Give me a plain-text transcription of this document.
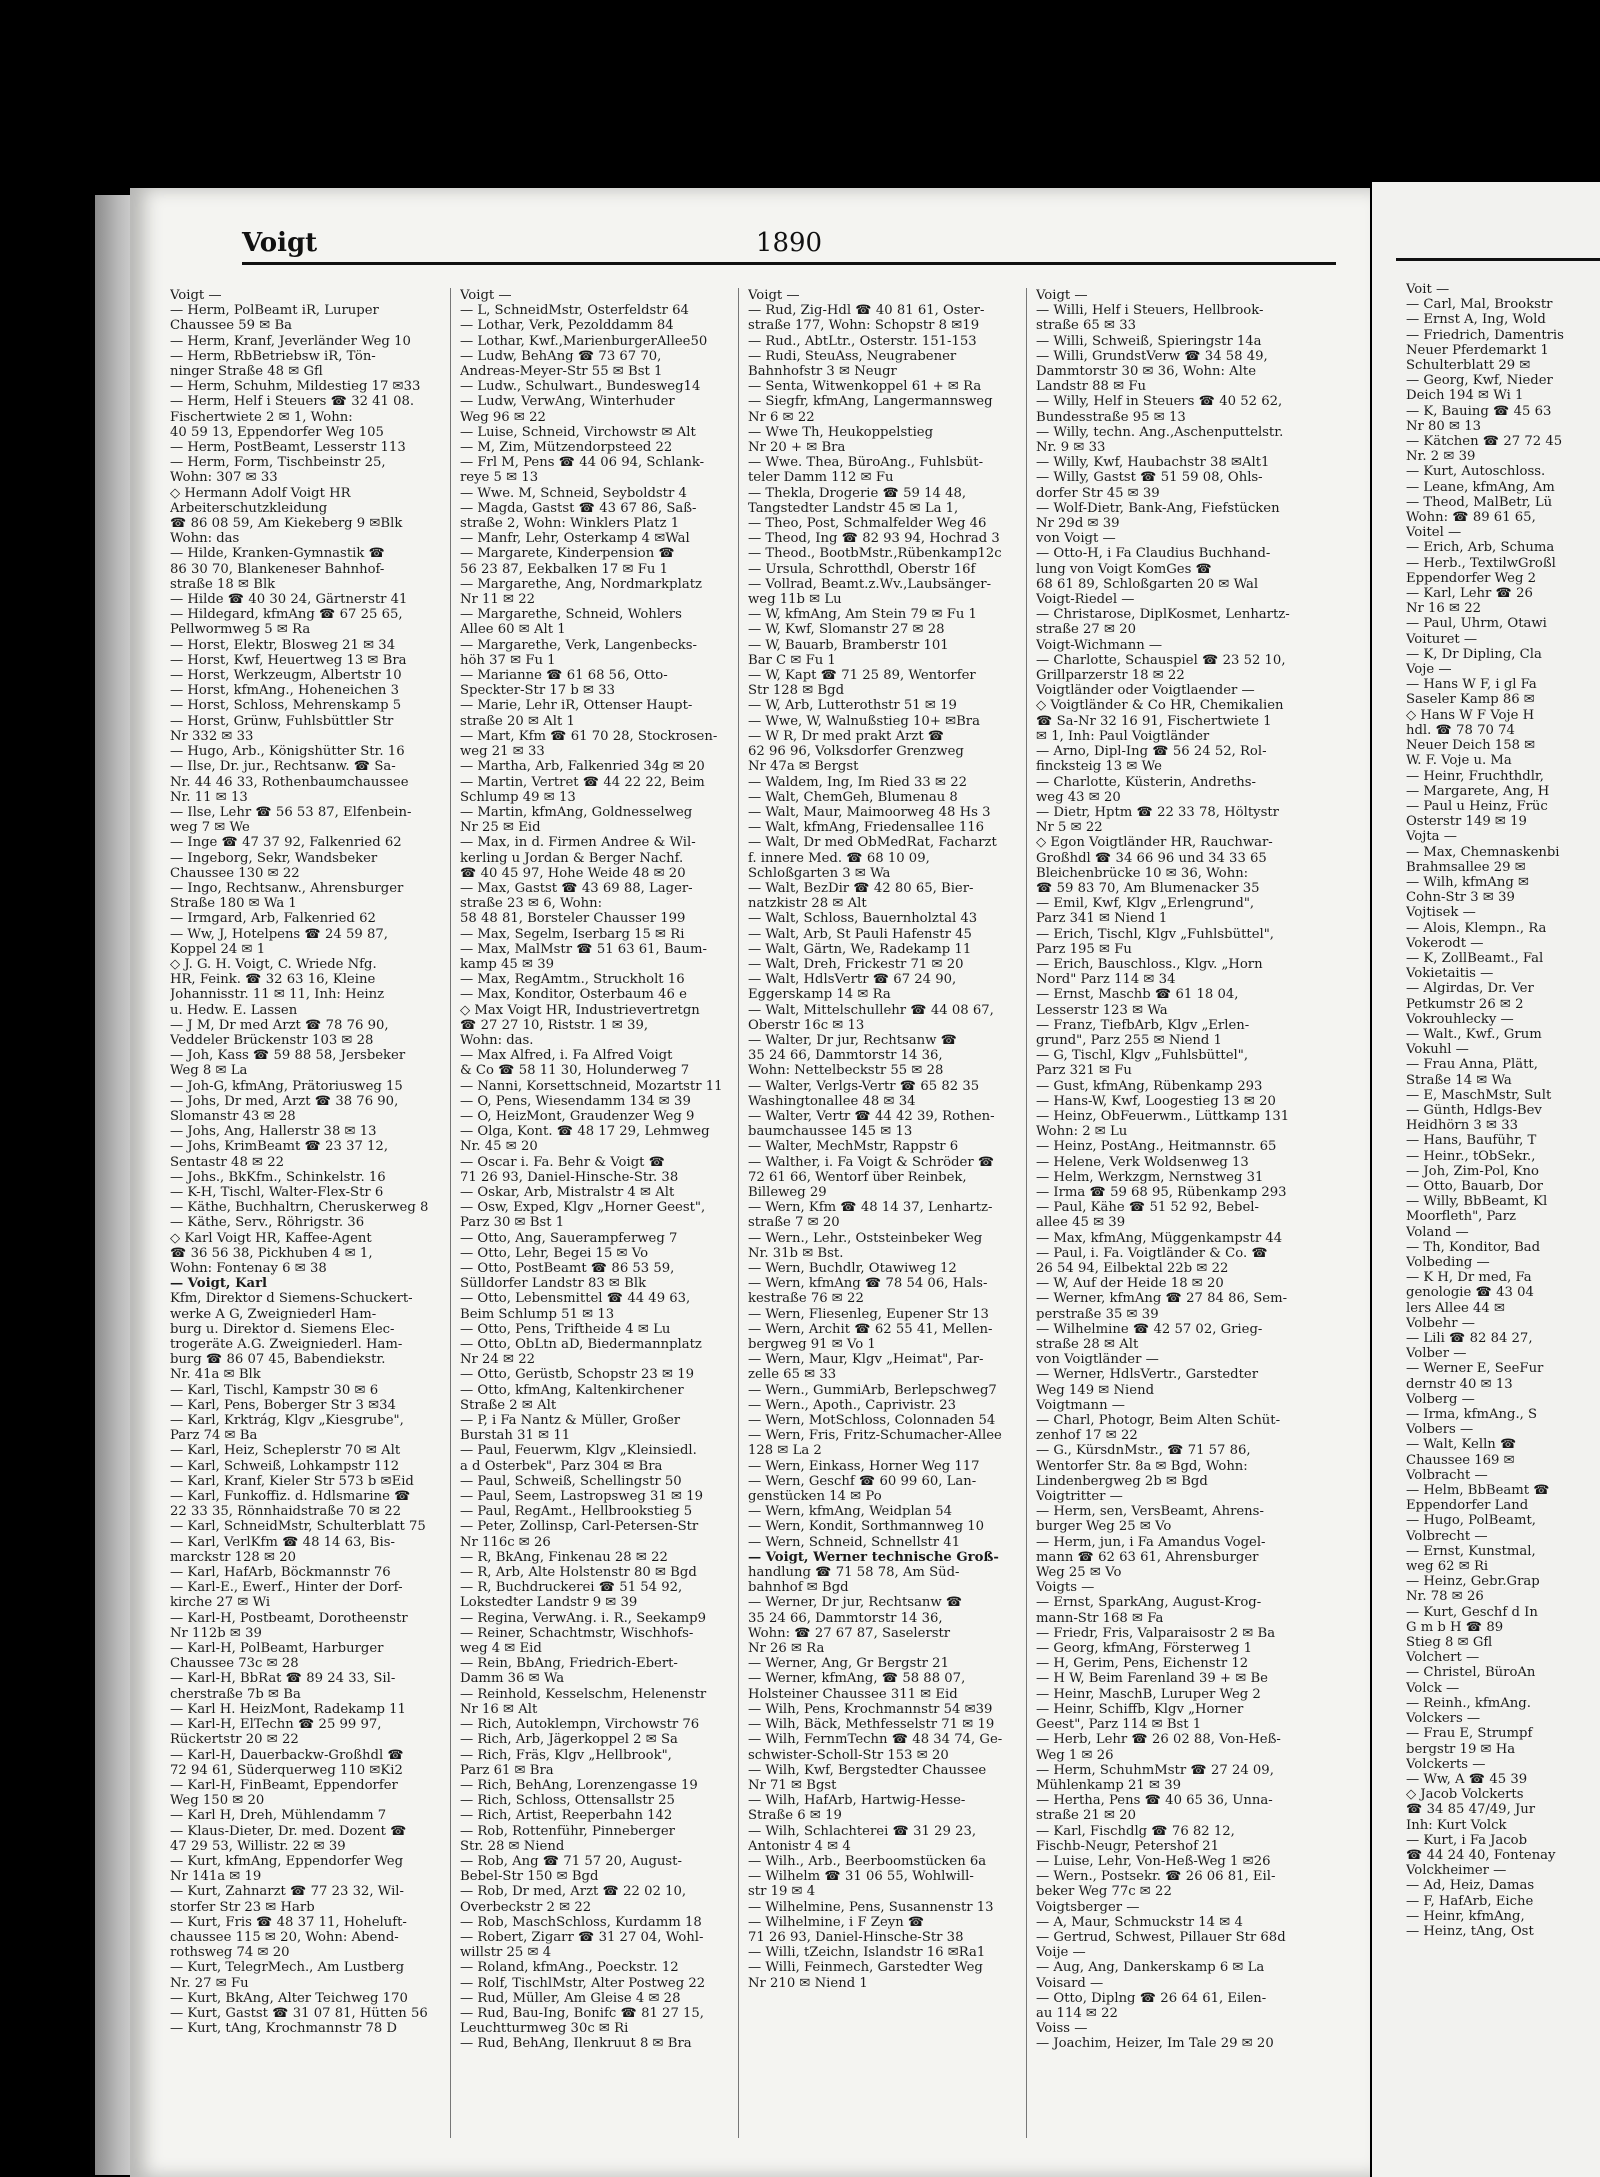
Voigt	1890
Voigt —
— Herm, PolBeamt iR, Luruper
Chaussee 59 ✉ Ba
— Herm, Kranf, Jeverländer Weg 10
— Herm, RbBetriebsw iR, Tön-
ninger Straße 48 ✉ Gfl
— Herm, Schuhm, Mildestieg 17 ✉33
— Herm, Helf i Steuers ☎ 32 41 08.
Fischertwiete 2 ✉ 1, Wohn:
40 59 13, Eppendorfer Weg 105
— Herm, PostBeamt, Lesserstr 113
— Herm, Form, Tischbeinstr 25,
Wohn: 307 ✉ 33
◇ Hermann Adolf Voigt HR
Arbeiterschutzkleidung
☎ 86 08 59, Am Kiekeberg 9 ✉Blk
Wohn: das
— Hilde, Kranken-Gymnastik ☎
86 30 70, Blankeneser Bahnhof-
straße 18 ✉ Blk
— Hilde ☎ 40 30 24, Gärtnerstr 41
— Hildegard, kfmAng ☎ 67 25 65,
Pellwormweg 5 ✉ Ra
— Horst, Elektr, Blosweg 21 ✉ 34
— Horst, Kwf, Heuertweg 13 ✉ Bra
— Horst, Werkzeugm, Albertstr 10
— Horst, kfmAng., Hoheneichen 3
— Horst, Schloss, Mehrenskamp 5
— Horst, Grünw, Fuhlsbüttler Str
Nr 332 ✉ 33
— Hugo, Arb., Königshütter Str. 16
— Ilse, Dr. jur., Rechtsanw. ☎ Sa-
Nr. 44 46 33, Rothenbaumchaussee
Nr. 11 ✉ 13
— Ilse, Lehr ☎ 56 53 87, Elfenbein-
weg 7 ✉ We
— Inge ☎ 47 37 92, Falkenried 62
— Ingeborg, Sekr, Wandsbeker
Chaussee 130 ✉ 22
— Ingo, Rechtsanw., Ahrensburger
Straße 180 ✉ Wa 1
— Irmgard, Arb, Falkenried 62
— Ww, J, Hotelpens ☎ 24 59 87,
Koppel 24 ✉ 1
◇ J. G. H. Voigt, C. Wriede Nfg.
HR, Feink. ☎ 32 63 16, Kleine
Johannisstr. 11 ✉ 11, Inh: Heinz
u. Hedw. E. Lassen
— J M, Dr med Arzt ☎ 78 76 90,
Veddeler Brückenstr 103 ✉ 28
— Joh, Kass ☎ 59 88 58, Jersbeker
Weg 8 ✉ La
— Joh-G, kfmAng, Prätoriusweg 15
— Johs, Dr med, Arzt ☎ 38 76 90,
Slomanstr 43 ✉ 28
— Johs, Ang, Hallerstr 38 ✉ 13
— Johs, KrimBeamt ☎ 23 37 12,
Sentastr 48 ✉ 22
— Johs., BkKfm., Schinkelstr. 16
— K-H, Tischl, Walter-Flex-Str 6
— Käthe, Buchhaltrn, Cheruskerweg 8
— Käthe, Serv., Röhrigstr. 36
◇ Karl Voigt HR, Kaffee-Agent
☎ 36 56 38, Pickhuben 4 ✉ 1,
Wohn: Fontenay 6 ✉ 38
— Voigt, Karl
Kfm, Direktor d Siemens-Schuckert-
werke A G, Zweigniederl Ham-
burg u. Direktor d. Siemens Elec-
trogeräte A.G. Zweigniederl. Ham-
burg ☎ 86 07 45, Babendiekstr.
Nr. 41a ✉ Blk
— Karl, Tischl, Kampstr 30 ✉ 6
— Karl, Pens, Boberger Str 3 ✉34
— Karl, Krktrág, Klgv „Kiesgrube",
Parz 74 ✉ Ba
— Karl, Heiz, Scheplerstr 70 ✉ Alt
— Karl, Schweiß, Lohkampstr 112
— Karl, Kranf, Kieler Str 573 b ✉Eid
— Karl, Funkoffiz. d. Hdlsmarine ☎
22 33 35, Rönnhaidstraße 70 ✉ 22
— Karl, SchneidMstr, Schulterblatt 75
— Karl, VerlKfm ☎ 48 14 63, Bis-
marckstr 128 ✉ 20
— Karl, HafArb, Böckmannstr 76
— Karl-E., Ewerf., Hinter der Dorf-
kirche 27 ✉ Wi
— Karl-H, Postbeamt, Dorotheenstr
Nr 112b ✉ 39
— Karl-H, PolBeamt, Harburger
Chaussee 73c ✉ 28
— Karl-H, BbRat ☎ 89 24 33, Sil-
cherstraße 7b ✉ Ba
— Karl H. HeizMont, Radekamp 11
— Karl-H, ElTechn ☎ 25 99 97,
Rückertstr 20 ✉ 22
— Karl-H, Dauerbackw-Großhdl ☎
72 94 61, Süderquerweg 110 ✉Ki2
— Karl-H, FinBeamt, Eppendorfer
Weg 150 ✉ 20
— Karl H, Dreh, Mühlendamm 7
— Klaus-Dieter, Dr. med. Dozent ☎
47 29 53, Willistr. 22 ✉ 39
— Kurt, kfmAng, Eppendorfer Weg
Nr 141a ✉ 19
— Kurt, Zahnarzt ☎ 77 23 32, Wil-
storfer Str 23 ✉ Harb
— Kurt, Fris ☎ 48 37 11, Hoheluft-
chaussee 115 ✉ 20, Wohn: Abend-
rothsweg 74 ✉ 20
— Kurt, TelegrMech., Am Lustberg
Nr. 27 ✉ Fu
— Kurt, BkAng, Alter Teichweg 170
— Kurt, Gastst ☎ 31 07 81, Hütten 56
— Kurt, tAng, Krochmannstr 78 D
Voigt —
— L, SchneidMstr, Osterfeldstr 64
— Lothar, Verk, Pezolddamm 84
— Lothar, Kwf.,MarienburgerAllee50
— Ludw, BehAng ☎ 73 67 70,
Andreas-Meyer-Str 55 ✉ Bst 1
— Ludw., Schulwart., Bundesweg14
— Ludw, VerwAng, Winterhuder
Weg 96 ✉ 22
— Luise, Schneid, Virchowstr ✉ Alt
— M, Zim, Mützendorpsteed 22
— Frl M, Pens ☎ 44 06 94, Schlank-
reye 5 ✉ 13
— Wwe. M, Schneid, Seyboldstr 4
— Magda, Gastst ☎ 43 67 86, Saß-
straße 2, Wohn: Winklers Platz 1
— Manfr, Lehr, Osterkamp 4 ✉Wal
— Margarete, Kinderpension ☎
56 23 87, Eekbalken 17 ✉ Fu 1
— Margarethe, Ang, Nordmarkplatz
Nr 11 ✉ 22
— Margarethe, Schneid, Wohlers
Allee 60 ✉ Alt 1
— Margarethe, Verk, Langenbecks-
höh 37 ✉ Fu 1
— Marianne ☎ 61 68 56, Otto-
Speckter-Str 17 b ✉ 33
— Marie, Lehr iR, Ottenser Haupt-
straße 20 ✉ Alt 1
— Mart, Kfm ☎ 61 70 28, Stockrosen-
weg 21 ✉ 33
— Martha, Arb, Falkenried 34g ✉ 20
— Martin, Vertret ☎ 44 22 22, Beim
Schlump 49 ✉ 13
— Martin, kfmAng, Goldnesselweg
Nr 25 ✉ Eid
— Max, in d. Firmen Andree & Wil-
kerling u Jordan & Berger Nachf.
☎ 40 45 97, Hohe Weide 48 ✉ 20
— Max, Gastst ☎ 43 69 88, Lager-
straße 23 ✉ 6, Wohn:
58 48 81, Borsteler Chausser 199
— Max, Segelm, Iserbarg 15 ✉ Ri
— Max, MalMstr ☎ 51 63 61, Baum-
kamp 45 ✉ 39
— Max, RegAmtm., Struckholt 16
— Max, Konditor, Osterbaum 46 e
◇ Max Voigt HR, Industrievertretgn
☎ 27 27 10, Riststr. 1 ✉ 39,
Wohn: das.
— Max Alfred, i. Fa Alfred Voigt
& Co ☎ 58 11 30, Holunderweg 7
— Nanni, Korsettschneid, Mozartstr 11
— O, Pens, Wiesendamm 134 ✉ 39
— O, HeizMont, Graudenzer Weg 9
— Olga, Kont. ☎ 48 17 29, Lehmweg
Nr. 45 ✉ 20
— Oscar i. Fa. Behr & Voigt ☎
71 26 93, Daniel-Hinsche-Str. 38
— Oskar, Arb, Mistralstr 4 ✉ Alt
— Osw, Exped, Klgv „Horner Geest",
Parz 30 ✉ Bst 1
— Otto, Ang, Sauerampferweg 7
— Otto, Lehr, Begei 15 ✉ Vo
— Otto, PostBeamt ☎ 86 53 59,
Sülldorfer Landstr 83 ✉ Blk
— Otto, Lebensmittel ☎ 44 49 63,
Beim Schlump 51 ✉ 13
— Otto, Pens, Triftheide 4 ✉ Lu
— Otto, ObLtn aD, Biedermannplatz
Nr 24 ✉ 22
— Otto, Gerüstb, Schopstr 23 ✉ 19
— Otto, kfmAng, Kaltenkirchener
Straße 2 ✉ Alt
— P, i Fa Nantz & Müller, Großer
Burstah 31 ✉ 11
— Paul, Feuerwm, Klgv „Kleinsiedl.
a d Osterbek", Parz 304 ✉ Bra
— Paul, Schweiß, Schellingstr 50
— Paul, Seem, Lastropsweg 31 ✉ 19
— Paul, RegAmt., Hellbrookstieg 5
— Peter, Zollinsp, Carl-Petersen-Str
Nr 116c ✉ 26
— R, BkAng, Finkenau 28 ✉ 22
— R, Arb, Alte Holstenstr 80 ✉ Bgd
— R, Buchdruckerei ☎ 51 54 92,
Lokstedter Landstr 9 ✉ 39
— Regina, VerwAng. i. R., Seekamp9
— Reiner, Schachtmstr, Wischhofs-
weg 4 ✉ Eid
— Rein, BbAng, Friedrich-Ebert-
Damm 36 ✉ Wa
— Reinhold, Kesselschm, Helenenstr
Nr 16 ✉ Alt
— Rich, Autoklempn, Virchowstr 76
— Rich, Arb, Jägerkoppel 2 ✉ Sa
— Rich, Fräs, Klgv „Hellbrook",
Parz 61 ✉ Bra
— Rich, BehAng, Lorenzengasse 19
— Rich, Schloss, Ottensallstr 25
— Rich, Artist, Reeperbahn 142
— Rob, Rottenführ, Pinneberger
Str. 28 ✉ Niend
— Rob, Ang ☎ 71 57 20, August-
Bebel-Str 150 ✉ Bgd
— Rob, Dr med, Arzt ☎ 22 02 10,
Overbeckstr 2 ✉ 22
— Rob, MaschSchloss, Kurdamm 18
— Robert, Zigarr ☎ 31 27 04, Wohl-
willstr 25 ✉ 4
— Roland, kfmAng., Poeckstr. 12
— Rolf, TischlMstr, Alter Postweg 22
— Rud, Müller, Am Gleise 4 ✉ 28
— Rud, Bau-Ing, Bonifc ☎ 81 27 15,
Leuchtturmweg 30c ✉ Ri
— Rud, BehAng, Ilenkruut 8 ✉ Bra
Voigt —
— Rud, Zig-Hdl ☎ 40 81 61, Oster-
straße 177, Wohn: Schopstr 8 ✉19
— Rud., AbtLtr., Osterstr. 151-153
— Rudi, SteuAss, Neugrabener
Bahnhofstr 3 ✉ Neugr
— Senta, Witwenkoppel 61 + ✉ Ra
— Siegfr, kfmAng, Langermannsweg
Nr 6 ✉ 22
— Wwe Th, Heukoppelstieg
Nr 20 + ✉ Bra
— Wwe. Thea, BüroAng., Fuhlsbüt-
teler Damm 112 ✉ Fu
— Thekla, Drogerie ☎ 59 14 48,
Tangstedter Landstr 45 ✉ La 1,
— Theo, Post, Schmalfelder Weg 46
— Theod, Ing ☎ 82 93 94, Hochrad 3
— Theod., BootbMstr.,Rübenkamp12c
— Ursula, Schrotthdl, Oberstr 16f
— Vollrad, Beamt.z.Wv.,Laubsänger-
weg 11b ✉ Lu
— W, kfmAng, Am Stein 79 ✉ Fu 1
— W, Kwf, Slomanstr 27 ✉ 28
— W, Bauarb, Bramberstr 101
Bar C ✉ Fu 1
— W, Kapt ☎ 71 25 89, Wentorfer
Str 128 ✉ Bgd
— W, Arb, Lutterothstr 51 ✉ 19
— Wwe, W, Walnußstieg 10+ ✉Bra
— W R, Dr med prakt Arzt ☎
62 96 96, Volksdorfer Grenzweg
Nr 47a ✉ Bergst
— Waldem, Ing, Im Ried 33 ✉ 22
— Walt, ChemGeh, Blumenau 8
— Walt, Maur, Maimoorweg 48 Hs 3
— Walt, kfmAng, Friedensallee 116
— Walt, Dr med ObMedRat, Facharzt
f. innere Med. ☎ 68 10 09,
Schloßgarten 3 ✉ Wa
— Walt, BezDir ☎ 42 80 65, Bier-
natzkistr 28 ✉ Alt
— Walt, Schloss, Bauernholztal 43
— Walt, Arb, St Pauli Hafenstr 45
— Walt, Gärtn, We, Radekamp 11
— Walt, Dreh, Frickestr 71 ✉ 20
— Walt, HdlsVertr ☎ 67 24 90,
Eggerskamp 14 ✉ Ra
— Walt, Mittelschullehr ☎ 44 08 67,
Oberstr 16c ✉ 13
— Walter, Dr jur, Rechtsanw ☎
35 24 66, Dammtorstr 14 36,
Wohn: Nettelbeckstr 55 ✉ 28
— Walter, Verlgs-Vertr ☎ 65 82 35
Washingtonallee 48 ✉ 34
— Walter, Vertr ☎ 44 42 39, Rothen-
baumchaussee 145 ✉ 13
— Walter, MechMstr, Rappstr 6
— Walther, i. Fa Voigt & Schröder ☎
72 61 66, Wentorf über Reinbek,
Billeweg 29
— Wern, Kfm ☎ 48 14 37, Lenhartz-
straße 7 ✉ 20
— Wern., Lehr., Oststeinbeker Weg
Nr. 31b ✉ Bst.
— Wern, Buchdlr, Otawiweg 12
— Wern, kfmAng ☎ 78 54 06, Hals-
kestraße 76 ✉ 22
— Wern, Fliesenleg, Eupener Str 13
— Wern, Archit ☎ 62 55 41, Mellen-
bergweg 91 ✉ Vo 1
— Wern, Maur, Klgv „Heimat", Par-
zelle 65 ✉ 33
— Wern., GummiArb, Berlepschweg7
— Wern., Apoth., Caprivistr. 23
— Wern, MotSchloss, Colonnaden 54
— Wern, Fris, Fritz-Schumacher-Allee
128 ✉ La 2
— Wern, Einkass, Horner Weg 117
— Wern, Geschf ☎ 60 99 60, Lan-
genstücken 14 ✉ Po
— Wern, kfmAng, Weidplan 54
— Wern, Kondit, Sorthmannweg 10
— Wern, Schneid, Schnellstr 41
— Voigt, Werner technische Groß-
handlung ☎ 71 58 78, Am Süd-
bahnhof ✉ Bgd
— Werner, Dr jur, Rechtsanw ☎
35 24 66, Dammtorstr 14 36,
Wohn: ☎ 27 67 87, Saselerstr
Nr 26 ✉ Ra
— Werner, Ang, Gr Bergstr 21
— Werner, kfmAng, ☎ 58 88 07,
Holsteiner Chaussee 311 ✉ Eid
— Wilh, Pens, Krochmannstr 54 ✉39
— Wilh, Bäck, Methfesselstr 71 ✉ 19
— Wilh, FernmTechn ☎ 48 34 74, Ge-
schwister-Scholl-Str 153 ✉ 20
— Wilh, Kwf, Bergstedter Chaussee
Nr 71 ✉ Bgst
— Wilh, HafArb, Hartwig-Hesse-
Straße 6 ✉ 19
— Wilh, Schlachterei ☎ 31 29 23,
Antonistr 4 ✉ 4
— Wilh., Arb., Beerboomstücken 6a
— Wilhelm ☎ 31 06 55, Wohlwill-
str 19 ✉ 4
— Wilhelmine, Pens, Susannenstr 13
— Wilhelmine, i F Zeyn ☎
71 26 93, Daniel-Hinsche-Str 38
— Willi, tZeichn, Islandstr 16 ✉Ra1
— Willi, Feinmech, Garstedter Weg
Nr 210 ✉ Niend 1
Voigt —
— Willi, Helf i Steuers, Hellbrook-
straße 65 ✉ 33
— Willi, Schweiß, Spieringstr 14a
— Willi, GrundstVerw ☎ 34 58 49,
Dammtorstr 30 ✉ 36, Wohn: Alte
Landstr 88 ✉ Fu
— Willy, Helf in Steuers ☎ 40 52 62,
Bundesstraße 95 ✉ 13
— Willy, techn. Ang.,Aschenputtelstr.
Nr. 9 ✉ 33
— Willy, Kwf, Haubachstr 38 ✉Alt1
— Willy, Gastst ☎ 51 59 08, Ohls-
dorfer Str 45 ✉ 39
— Wolf-Dietr, Bank-Ang, Fiefstücken
Nr 29d ✉ 39
von Voigt —
— Otto-H, i Fa Claudius Buchhand-
lung von Voigt KomGes ☎
68 61 89, Schloßgarten 20 ✉ Wal
Voigt-Riedel —
— Christarose, DiplKosmet, Lenhartz-
straße 27 ✉ 20
Voigt-Wichmann —
— Charlotte, Schauspiel ☎ 23 52 10,
Grillparzerstr 18 ✉ 22
Voigtländer oder Voigtlaender —
◇ Voigtländer & Co HR, Chemikalien
☎ Sa-Nr 32 16 91, Fischertwiete 1
✉ 1, Inh: Paul Voigtländer
— Arno, Dipl-Ing ☎ 56 24 52, Rol-
fincksteig 13 ✉ We
— Charlotte, Küsterin, Andreths-
weg 43 ✉ 20
— Dietr, Hptm ☎ 22 33 78, Höltystr
Nr 5 ✉ 22
◇ Egon Voigtländer HR, Rauchwar-
Großhdl ☎ 34 66 96 und 34 33 65
Bleichenbrücke 10 ✉ 36, Wohn:
☎ 59 83 70, Am Blumenacker 35
— Emil, Kwf, Klgv „Erlengrund",
Parz 341 ✉ Niend 1
— Erich, Tischl, Klgv „Fuhlsbüttel",
Parz 195 ✉ Fu
— Erich, Bauschloss., Klgv. „Horn
Nord" Parz 114 ✉ 34
— Ernst, Maschb ☎ 61 18 04,
Lesserstr 123 ✉ Wa
— Franz, TiefbArb, Klgv „Erlen-
grund", Parz 255 ✉ Niend 1
— G, Tischl, Klgv „Fuhlsbüttel",
Parz 321 ✉ Fu
— Gust, kfmAng, Rübenkamp 293
— Hans-W, Kwf, Loogestieg 13 ✉ 20
— Heinz, ObFeuerwm., Lüttkamp 131
Wohn: 2 ✉ Lu
— Heinz, PostAng., Heitmannstr. 65
— Helene, Verk Woldsenweg 13
— Helm, Werkzgm, Nernstweg 31
— Irma ☎ 59 68 95, Rübenkamp 293
— Paul, Kähe ☎ 51 52 92, Bebel-
allee 45 ✉ 39
— Max, kfmAng, Müggenkampstr 44
— Paul, i. Fa. Voigtländer & Co. ☎
26 54 94, Eilbektal 22b ✉ 22
— W, Auf der Heide 18 ✉ 20
— Werner, kfmAng ☎ 27 84 86, Sem-
perstraße 35 ✉ 39
— Wilhelmine ☎ 42 57 02, Grieg-
straße 28 ✉ Alt
von Voigtländer —
— Werner, HdlsVertr., Garstedter
Weg 149 ✉ Niend
Voigtmann —
— Charl, Photogr, Beim Alten Schüt-
zenhof 17 ✉ 22
— G., KürsdnMstr., ☎ 71 57 86,
Wentorfer Str. 8a ✉ Bgd, Wohn:
Lindenbergweg 2b ✉ Bgd
Voigtritter —
— Herm, sen, VersBeamt, Ahrens-
burger Weg 25 ✉ Vo
— Herm, jun, i Fa Amandus Vogel-
mann ☎ 62 63 61, Ahrensburger
Weg 25 ✉ Vo
Voigts —
— Ernst, SparkAng, August-Krog-
mann-Str 168 ✉ Fa
— Friedr, Fris, Valparaisostr 2 ✉ Ba
— Georg, kfmAng, Försterweg 1
— H, Gerim, Pens, Eichenstr 12
— H W, Beim Farenland 39 + ✉ Be
— Heinr, MaschB, Luruper Weg 2
— Heinr, Schiffb, Klgv „Horner
Geest", Parz 114 ✉ Bst 1
— Herb, Lehr ☎ 26 02 88, Von-Heß-
Weg 1 ✉ 26
— Herm, SchuhmMstr ☎ 27 24 09,
Mühlenkamp 21 ✉ 39
— Hertha, Pens ☎ 40 65 36, Unna-
straße 21 ✉ 20
— Karl, Fischdlg ☎ 76 82 12,
Fischb-Neugr, Petershof 21
— Luise, Lehr, Von-Heß-Weg 1 ✉26
— Wern., Postsekr. ☎ 26 06 81, Eil-
beker Weg 77c ✉ 22
Voigtsberger —
— A, Maur, Schmuckstr 14 ✉ 4
— Gertrud, Schwest, Pillauer Str 68d
Voije —
— Aug, Ang, Dankerskamp 6 ✉ La
Voisard —
— Otto, Diplng ☎ 26 64 61, Eilen-
au 114 ✉ 22
Voiss —
— Joachim, Heizer, Im Tale 29 ✉ 20
Voit —
— Carl, Mal, Brookstr
— Ernst A, Ing, Wold
— Friedrich, Damentris
Neuer Pferdemarkt 1
Schulterblatt 29 ✉
— Georg, Kwf, Nieder
Deich 194 ✉ Wi 1
— K, Bauing ☎ 45 63
Nr 80 ✉ 13
— Kätchen ☎ 27 72 45
Nr. 2 ✉ 39
— Kurt, Autoschloss.
— Leane, kfmAng, Am
— Theod, MalBetr, Lü
Wohn: ☎ 89 61 65,
Voitel —
— Erich, Arb, Schuma
— Herb., TextilwGroßl
Eppendorfer Weg 2
— Karl, Lehr ☎ 26
Nr 16 ✉ 22
— Paul, Uhrm, Otawi
Voituret —
— K, Dr Dipling, Cla
Voje —
— Hans W F, i gl Fa
Saseler Kamp 86 ✉
◇ Hans W F Voje H
hdl. ☎ 78 70 74
Neuer Deich 158 ✉
W. F. Voje u. Ma
— Heinr, Fruchthdlr,
— Margarete, Ang, H
— Paul u Heinz, Früc
Osterstr 149 ✉ 19
Vojta —
— Max, Chemnaskenbi
Brahmsallee 29 ✉
— Wilh, kfmAng ✉
Cohn-Str 3 ✉ 39
Vojtisek —
— Alois, Klempn., Ra
Vokerodt —
— K, ZollBeamt., Fal
Vokietaitis —
— Algirdas, Dr. Ver
Petkumstr 26 ✉ 2
Vokrouhlecky —
— Walt., Kwf., Grum
Vokuhl —
— Frau Anna, Plätt,
Straße 14 ✉ Wa
— E, MaschMstr, Sult
— Günth, Hdlgs-Bev
Heidhörn 3 ✉ 33
— Hans, Bauführ, T
— Heinr., tObSekr.,
— Joh, Zim-Pol, Kno
— Otto, Bauarb, Dor
— Willy, BbBeamt, Kl
Moorfleth", Parz
Voland —
— Th, Konditor, Bad
Volbeding —
— K H, Dr med, Fa
genologie ☎ 43 04
lers Allee 44 ✉
Volbehr —
— Lili ☎ 82 84 27,
Volber —
— Werner E, SeeFur
dernstr 40 ✉ 13
Volberg —
— Irma, kfmAng., S
Volbers —
— Walt, Kelln ☎
Chaussee 169 ✉
Volbracht —
— Helm, BbBeamt ☎
Eppendorfer Land
— Hugo, PolBeamt,
Volbrecht —
— Ernst, Kunstmal,
weg 62 ✉ Ri
— Heinz, Gebr.Grap
Nr. 78 ✉ 26
— Kurt, Geschf d In
G m b H ☎ 89
Stieg 8 ✉ Gfl
Volchert —
— Christel, BüroAn
Volck —
— Reinh., kfmAng.
Volckers —
— Frau E, Strumpf
bergstr 19 ✉ Ha
Volckerts —
— Ww, A ☎ 45 39
◇ Jacob Volckerts
☎ 34 85 47/49, Jur
Inh: Kurt Volck
— Kurt, i Fa Jacob
☎ 44 24 40, Fontenay
Volckheimer —
— Ad, Heiz, Damas
— F, HafArb, Eiche
— Heinr, kfmAng,
— Heinz, tAng, Ost
